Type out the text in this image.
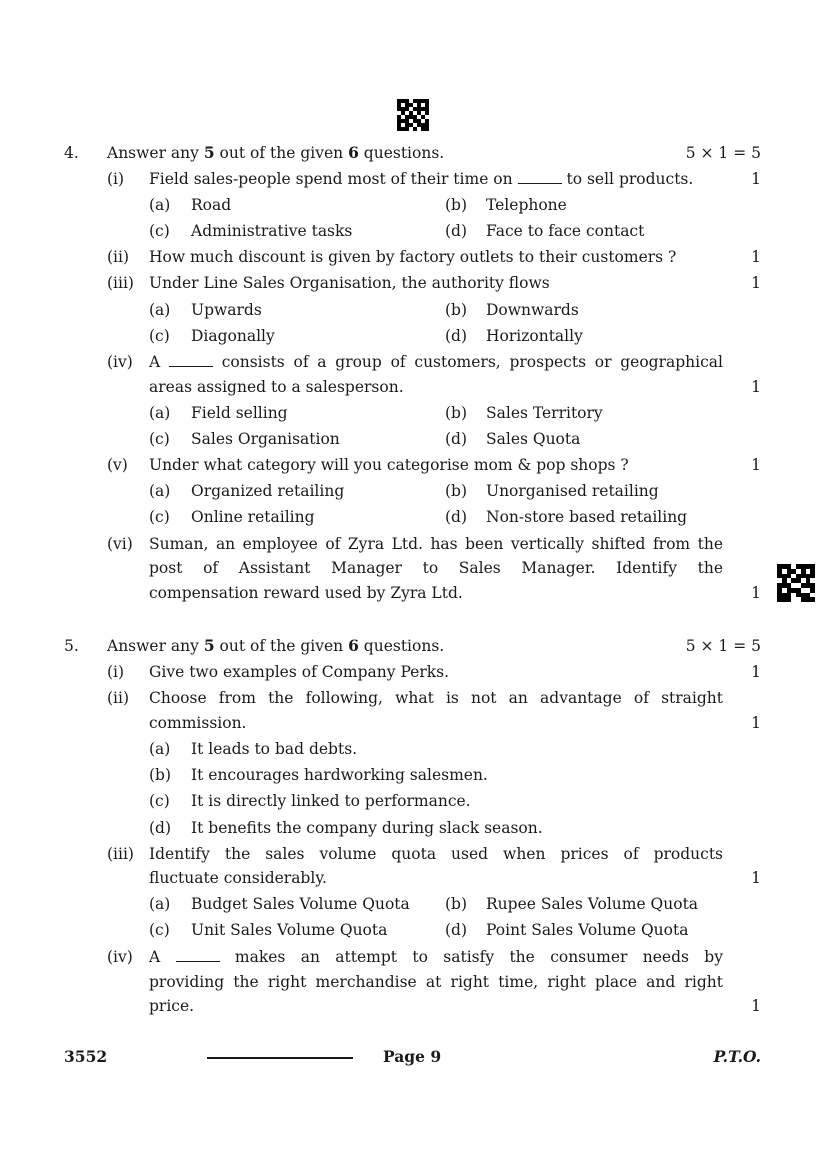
4. Answer any 5 out of the given 6 questions.	5 × 1 = 5
(i)	Field sales-people spend most of their time on	to sell products.	1
(a) Road	(b) Telephone
(c) Administrative tasks	(d) Face to face contact
(ii)	How much discount is given by factory outlets to their customers ?	1
(iii) Under Line Sales Organisation, the authority flows	1
(a) Upwards	(b) Downwards
(c) Diagonally	(d) Horizontally
(iv)	A	consists of a group of customers, prospects or geographical
areas assigned to a salesperson.	1
(a) Field selling	(b) Sales Territory
(c) Sales Organisation	(d) Sales Quota
(v)	Under what category will you categorise mom & pop shops ?	1
(a) Organized retailing	(b) Unorganised retailing
(c) Online retailing	(d) Non-store based retailing
(vi)	Suman, an employee of Zyra Ltd. has been vertically shifted from the
post of Assistant Manager to Sales Manager. Identify the
compensation reward used by Zyra Ltd.	1
5. Answer any 5 out of the given 6 questions.	5 × 1 = 5
(i)	Give two examples of Company Perks.	1
(ii)	Choose from the following, what is not an advantage of straight
commission.	1
(a) It leads to bad debts.
(b) It encourages hardworking salesmen.
(c) It is directly linked to performance.
(d) It benefits the company during slack season.
(iii) Identify the sales volume quota used when prices of products
fluctuate considerably.	1
(a) Budget Sales Volume Quota (b) Rupee Sales Volume Quota
(c) Unit Sales Volume Quota	(d) Point Sales Volume Quota
(iv)	A	makes an attempt to satisfy the consumer needs by
providing the right merchandise at right time, right place and right
price.	1
3552	Page 9	P.T.O.
